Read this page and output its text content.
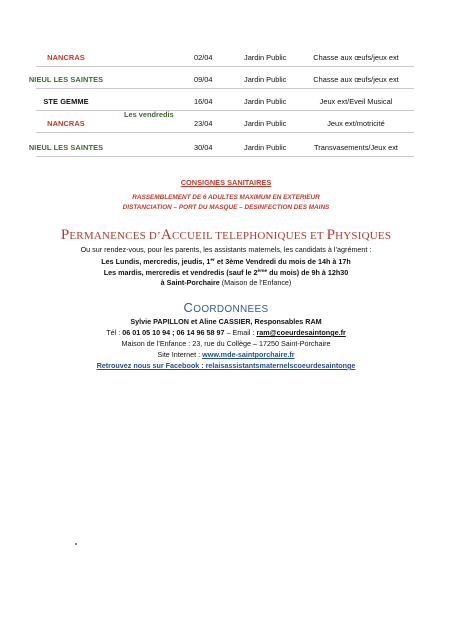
NANCRAS	02/04	Jardin Public	Chasse aux œufs/jeux ext
NIEUL LES SAINTES	09/04	Jardin Public	Chasse aux œufs/jeux ext
STE GEMME	16/04	Jardin Public	Jeux ext/Eveil Musical
NANCRAS	23/04	Jardin Public	Jeux ext/motricité
NIEUL LES SAINTES	30/04	Jardin Public	Transvasements/Jeux ext
Les vendredis
CONSIGNES SANITAIRES
RASSEMBLEMENT DE 6 ADULTES MAXIMUM EN EXTERIEUR
DISTANCIATION – PORT DU MASQUE – DESINFECTION DES MAINS
PERMANENCES D’ACCUEIL TELEPHONIQUES ET PHYSIQUES
Ou sur rendez-vous, pour les parents, les assistants maternels, les candidats à l’agrément :
Les Lundis, mercredis, jeudis, 1er et 3ème Vendredi du mois de 14h à 17h
Les mardis, mercredis et vendredis (sauf le 2ème du mois) de 9h à 12h30
à Saint-Porchaire (Maison de l’Enfance)
COORDONNEES
Sylvie PAPILLON et Aline CASSIER, Responsables RAM
Tél : 06 01 05 10 94 ; 06 14 96 58 97 – Email : ram@coeurdesaintonge.fr
Maison de l’Enfance : 23, rue du Collège – 17250 Saint-Porchaire
Site Internet : www.mde-saintporchaire.fr
Retrouvez nous sur Facebook : relaisassistantsmaternelscoeurdesaintonge
